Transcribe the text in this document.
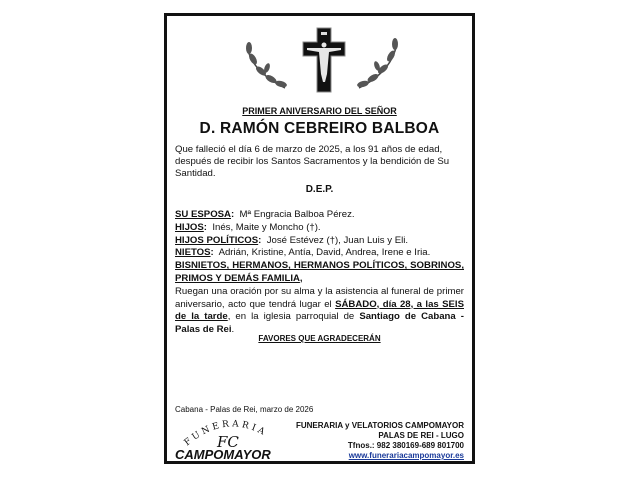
PRIMER ANIVERSARIO DEL SEÑOR
D. RAMÓN CEBREIRO BALBOA
Que falleció el día 6 de marzo de 2025, a los 91 años de edad, después de recibir los Santos Sacramentos y la bendición de Su Santidad.
D.E.P.
SU ESPOSA: Mª Engracia Balboa Pérez.
HIJOS: Inés, Maite y Moncho (†).
HIJOS POLÍTICOS: José Estévez (†), Juan Luis y Eli.
NIETOS: Adrián, Kristine, Antía, David, Andrea, Irene e Iria.
BISNIETOS, HERMANOS, HERMANOS POLÍTICOS, SOBRINOS,
PRIMOS Y DEMÁS FAMILIA,
Ruegan una oración por su alma y la asistencia al funeral de primer aniversario, acto que tendrá lugar el SÁBADO, día 28, a las SEIS de la tarde, en la iglesia parroquial de Santiago de Cabana - Palas de Rei.
FAVORES QUE AGRADECERÁN
Cabana - Palas de Rei, marzo de 2026
FUNERARIA
FC
CAMPOMAYOR
FUNERARIA y VELATORIOS CAMPOMAYOR
PALAS DE REI - LUGO
Tfnos.: 982 380169-689 801700
www.funerariacampomayor.es
